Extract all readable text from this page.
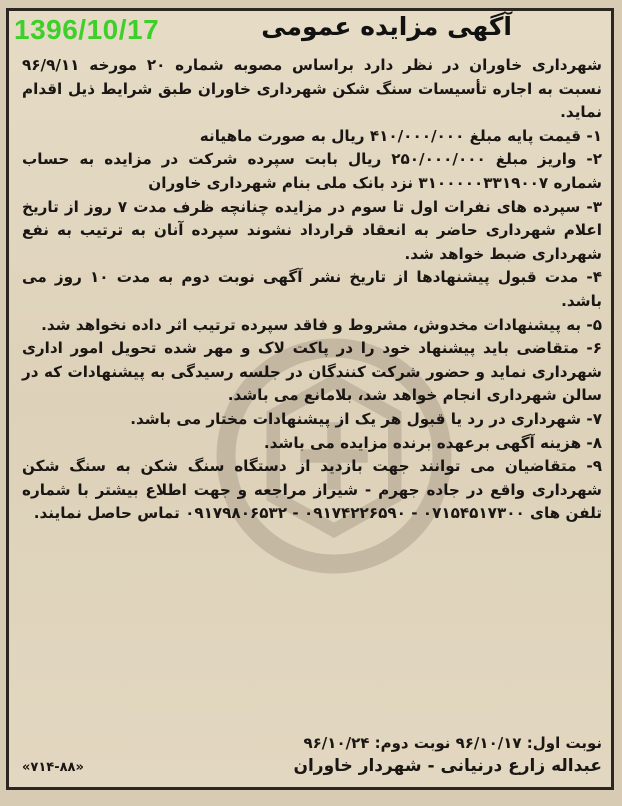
1396/10/17	آگهی مزایده عمومی

شهرداری خاوران در نظر دارد براساس مصوبه شماره ۲۰ مورخه ۹۶/۹/۱۱ نسبت به اجاره تأسیسات سنگ شکن شهرداری خاوران طبق شرایط ذیل اقدام نماید.

۱- قیمت پایه مبلغ ۴۱۰/۰۰۰/۰۰۰ ریال به صورت ماهیانه

۲- واریز مبلغ ۲۵۰/۰۰۰/۰۰۰ ریال بابت سپرده شرکت در مزایده به حساب شماره ۳۱۰۰۰۰۰۳۳۱۹۰۰۷ نزد بانک ملی بنام شهرداری خاوران

۳- سپرده های نفرات اول تا سوم در مزایده چنانچه ظرف مدت ۷ روز از تاریخ اعلام شهرداری حاضر به انعقاد قرارداد نشوند سپرده آنان به ترتیب به نفع شهرداری ضبط خواهد شد.

۴- مدت قبول پیشنهادها از تاریخ نشر آگهی نوبت دوم به مدت ۱۰ روز می باشد.

۵- به پیشنهادات مخدوش، مشروط و فاقد سپرده ترتیب اثر داده نخواهد شد.

۶- متقاضی باید پیشنهاد خود را در پاکت لاک و مهر شده تحویل امور اداری شهرداری نماید و حضور شرکت کنندگان در جلسه رسیدگی به پیشنهادات که در سالن شهرداری انجام خواهد شد، بلامانع می باشد.

۷- شهرداری در رد یا قبول هر یک از پیشنهادات مختار می باشد.

۸- هزینه آگهی برعهده برنده مزایده می باشد.

۹- متقاضیان می توانند جهت بازدید از دستگاه سنگ شکن به سنگ شکن شهرداری واقع در جاده جهرم - شیراز مراجعه و جهت اطلاع بیشتر با شماره تلفن های ۰۷۱۵۴۵۱۷۳۰۰ - ۰۹۱۷۴۲۲۶۵۹۰ - ۰۹۱۷۹۸۰۶۵۳۲ تماس حاصل نمایند.

نوبت اول: ۹۶/۱۰/۱۷ نوبت دوم: ۹۶/۱۰/۲۴
عبداله زارع درنیانی - شهردار خاوران
«۷۱۴-۸۸»
